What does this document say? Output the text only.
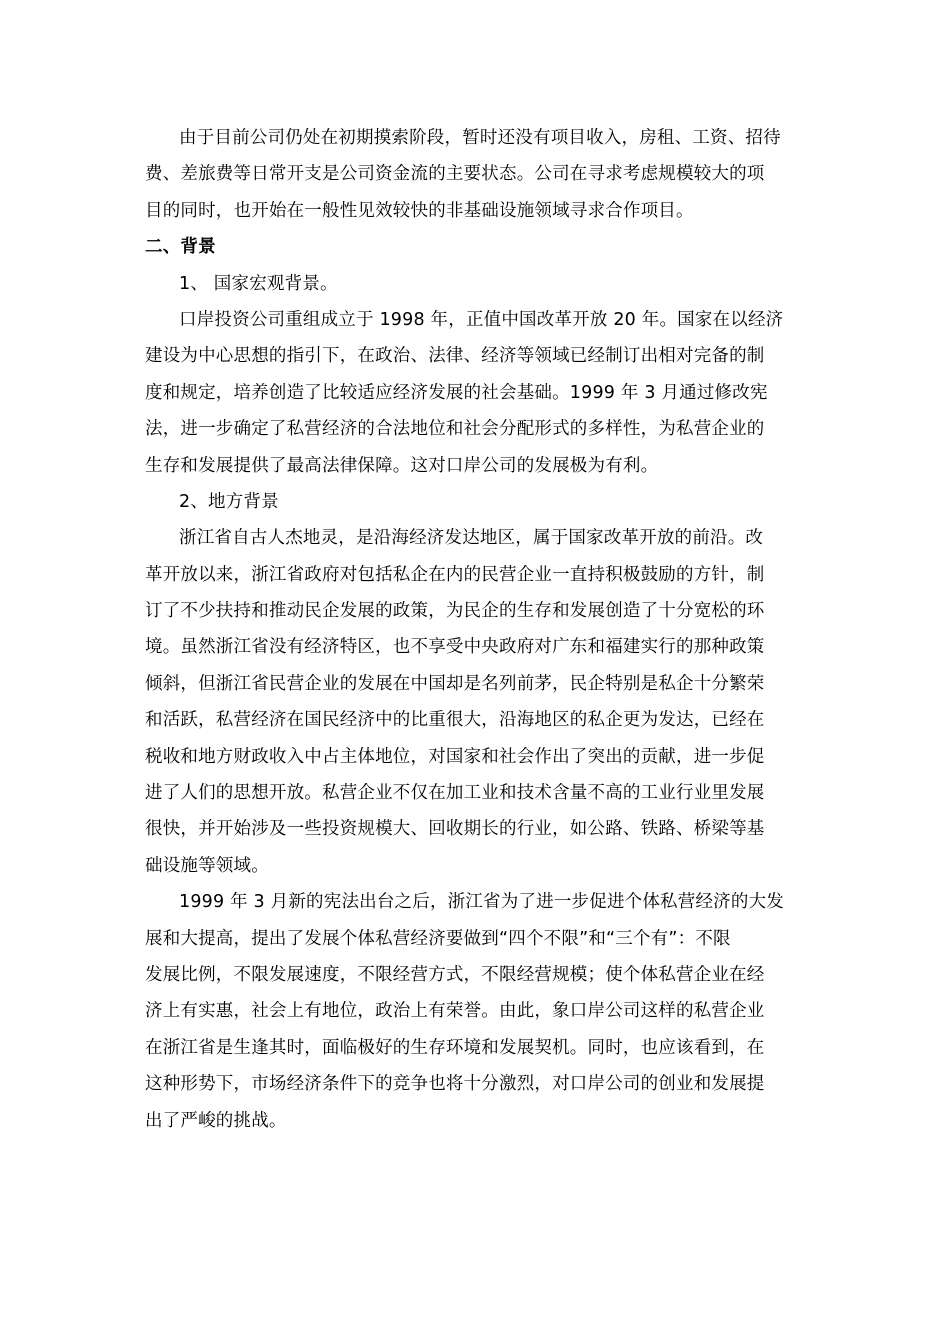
由于目前公司仍处在初期摸索阶段，暂时还没有项目收入，房租、工资、招待
费、差旅费等日常开支是公司资金流的主要状态。公司在寻求考虑规模较大的项
目的同时，也开始在一般性见效较快的非基础设施领域寻求合作项目。
二、背景
1、 国家宏观背景。
口岸投资公司重组成立于 1998 年，正值中国改革开放 20 年。国家在以经济
建设为中心思想的指引下，在政治、法律、经济等领域已经制订出相对完备的制
度和规定，培养创造了比较适应经济发展的社会基础。1999 年 3 月通过修改宪
法，进一步确定了私营经济的合法地位和社会分配形式的多样性，为私营企业的
生存和发展提供了最高法律保障。这对口岸公司的发展极为有利。
2、地方背景
浙江省自古人杰地灵，是沿海经济发达地区，属于国家改革开放的前沿。改
革开放以来，浙江省政府对包括私企在内的民营企业一直持积极鼓励的方针，制
订了不少扶持和推动民企发展的政策，为民企的生存和发展创造了十分宽松的环
境。虽然浙江省没有经济特区，也不享受中央政府对广东和福建实行的那种政策
倾斜，但浙江省民营企业的发展在中国却是名列前茅，民企特别是私企十分繁荣
和活跃，私营经济在国民经济中的比重很大，沿海地区的私企更为发达，已经在
税收和地方财政收入中占主体地位，对国家和社会作出了突出的贡献，进一步促
进了人们的思想开放。私营企业不仅在加工业和技术含量不高的工业行业里发展
很快，并开始涉及一些投资规模大、回收期长的行业，如公路、铁路、桥梁等基
础设施等领域。
1999 年 3 月新的宪法出台之后，浙江省为了进一步促进个体私营经济的大发
展和大提高，提出了发展个体私营经济要做到“四个不限”和“三个有”：不限
发展比例，不限发展速度，不限经营方式，不限经营规模；使个体私营企业在经
济上有实惠，社会上有地位，政治上有荣誉。由此，象口岸公司这样的私营企业
在浙江省是生逢其时，面临极好的生存环境和发展契机。同时，也应该看到，在
这种形势下，市场经济条件下的竞争也将十分激烈，对口岸公司的创业和发展提
出了严峻的挑战。
